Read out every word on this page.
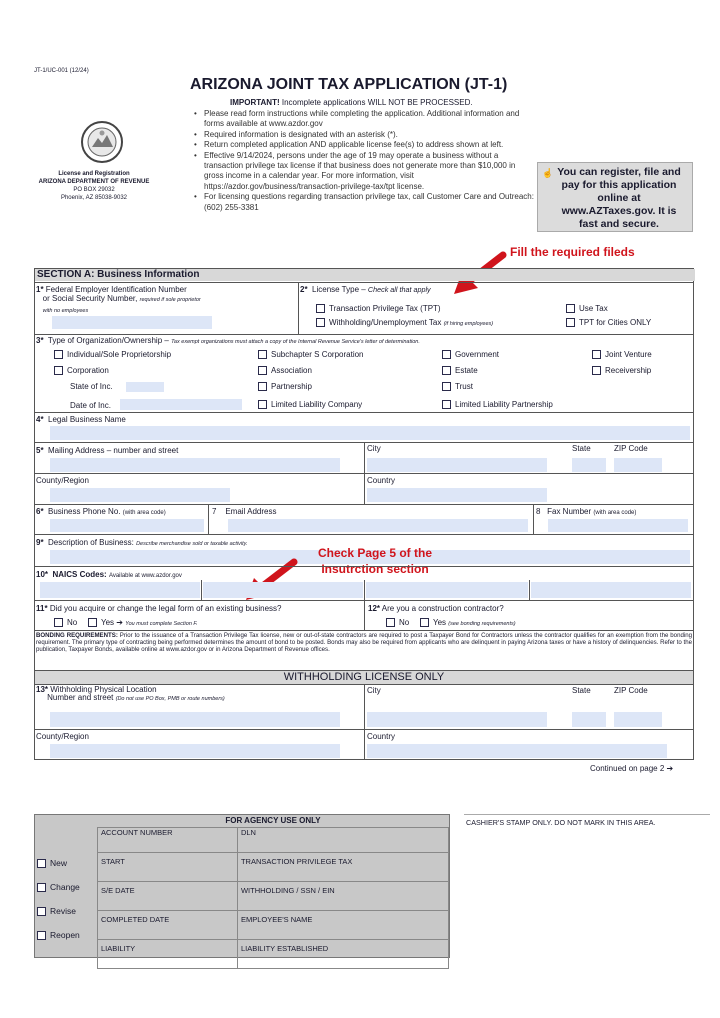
JT-1/UC-001 (12/24)
ARIZONA JOINT TAX APPLICATION (JT-1)
License and Registration
ARIZONA DEPARTMENT OF REVENUE
PO BOX 29032
Phoenix, AZ 85038-9032
IMPORTANT! Incomplete applications WILL NOT BE PROCESSED.
• Please read form instructions while completing the application. Additional information and forms available at www.azdor.gov
• Required information is designated with an asterisk (*).
• Return completed application AND applicable license fee(s) to address shown at left.
• Effective 9/14/2024, persons under the age of 19 may operate a business without a transaction privilege tax license if that business does not generate more than $10,000 in gross income in a calendar year. For more information, visit https://azdor.gov/business/transaction-privilege-tax/tpt license.
• For licensing questions regarding transaction privilege tax, call Customer Care and Outreach: (602) 255-3381
☝ You can register, file and pay for this application online at www.AZTaxes.gov. It is fast and secure.
Fill the required fileds
SECTION A: Business Information
1* Federal Employer Identification Number
or Social Security Number, required if sole proprietor
with no employees
2* License Type – Check all that apply
Transaction Privilege Tax (TPT)
Withholding/Unemployment Tax (if hiring employees)
Use Tax
TPT for Cities ONLY
3* Type of Organization/Ownership – Tax exempt organizations must attach a copy of the Internal Revenue Service's letter of determination.
Individual/Sole Proprietorship
Corporation
State of Inc.
Date of Inc.
Subchapter S Corporation
Association
Partnership
Limited Liability Company
Government
Estate
Trust
Limited Liability Partnership
Joint Venture
Receivership
4* Legal Business Name
5* Mailing Address – number and street	City	State	ZIP Code
County/Region	Country
6* Business Phone No. (with area code)	7 Email Address	8 Fax Number (with area code)
9* Description of Business: Describe merchandise sold or taxable activity.
Check Page 5 of the Insutrction section
10* NAICS Codes: Available at www.azdor.gov
11* Did you acquire or change the legal form of an existing business?
No	Yes ➔ You must complete Section F.
12* Are you a construction contractor?
No	Yes (see bonding requirements)
BONDING REQUIREMENTS: Prior to the issuance of a Transaction Privilege Tax license, new or out-of-state contractors are required to post a Taxpayer Bond for Contractors unless the contractor qualifies for an exemption from the bonding requirement. The primary type of contracting being performed determines the amount of bond to be posted. Bonds may also be required from applicants who are delinquent in paying Arizona taxes or have a history of delinquencies. Refer to the publication, Taxpayer Bonds, available online at www.azdor.gov or in Arizona Department of Revenue offices.
WITHHOLDING LICENSE ONLY
13* Withholding Physical Location
Number and street (Do not use PO Box, PMB or route numbers)
City	State	ZIP Code
County/Region	Country
Continued on page 2 ➔
FOR AGENCY USE ONLY
New
Change
Revise
Reopen
ACCOUNT NUMBER	DLN
START	TRANSACTION PRIVILEGE TAX
S/E DATE	WITHHOLDING / SSN / EIN
COMPLETED DATE	EMPLOYEE'S NAME
LIABILITY	LIABILITY ESTABLISHED
CASHIER'S STAMP ONLY. DO NOT MARK IN THIS AREA.
